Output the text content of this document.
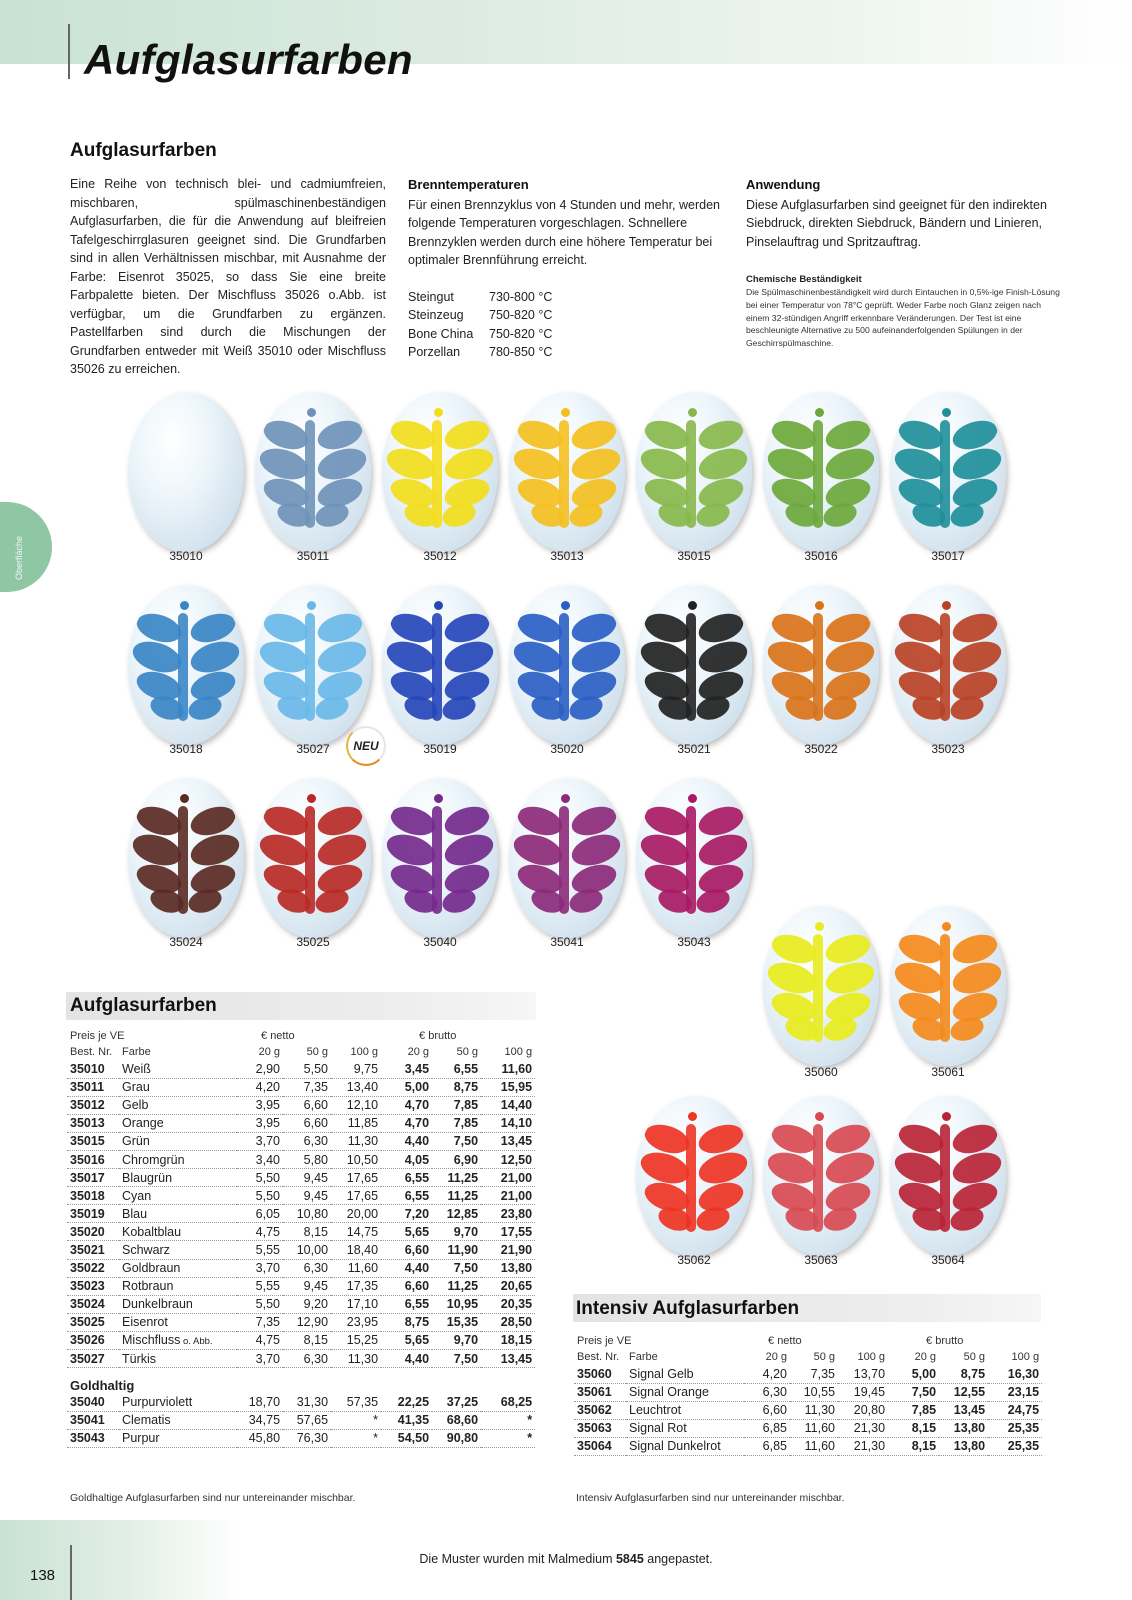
Aufglasurfarben
Oberfläche
Aufglasurfarben

Eine Reihe von technisch blei- und cadmiumfreien, mischbaren, spülmaschinenbeständigen Aufglasurfarben, die für die Anwendung auf bleifreien Tafelgeschirrglasuren geeignet sind. Die Grundfarben sind in allen Verhältnissen mischbar, mit Ausnahme der Farbe: Eisenrot 35025, so dass Sie eine breite Farbpalette bieten. Der Mischfluss 35026 o.Abb. ist verfügbar, um die Grundfarben zu ergänzen. Pastellfarben sind durch die Mischungen der Grundfarben entweder mit Weiß 35010 oder Mischfluss 35026 zu erreichen.

Brenntemperaturen

Für einen Brennzyklus von 4 Stunden und mehr, werden folgende Temperaturen vorgeschlagen. Schnellere Brennzyklen werden durch eine höhere Temperatur bei optimaler Brennführung erreicht.

Steingut	730-800 °C
Steinzeug	750-820 °C
Bone China	750-820 °C
Porzellan	780-850 °C
Anwendung

Diese Aufglasurfarben sind geeignet für den indirekten Siebdruck, direkten Siebdruck, Bändern und Linieren, Pinselauftrag und Spritzauftrag.

Chemische Beständigkeit
Die Spülmaschinenbeständigkeit wird durch Eintauchen in 0,5%-ige Finish-Lösung bei einer Temperatur von 78°C geprüft. Weder Farbe noch Glanz zeigen nach einem 32-stündigen Angriff erkennbare Veränderungen. Der Test ist eine beschleunigte Alternative zu 500 aufeinanderfolgenden Spülungen in der Geschirrspülmaschine.
35010	35011	35012	35013	35015	35016	35017
35018	35027	35019	35020	35021	35022	35023
35024	35025	35040	35041	35043
35060	35061
35062	35063	35064
NEU
Aufglasurfarben
Preis je VE		€ netto			€ brutto		
Best. Nr.	Farbe	20 g	50 g	100 g	20 g	50 g	100 g
35010	Weiß	2,90	5,50	9,75	3,45	6,55	11,60
35011	Grau	4,20	7,35	13,40	5,00	8,75	15,95
35012	Gelb	3,95	6,60	12,10	4,70	7,85	14,40
35013	Orange	3,95	6,60	11,85	4,70	7,85	14,10
35015	Grün	3,70	6,30	11,30	4,40	7,50	13,45
35016	Chromgrün	3,40	5,80	10,50	4,05	6,90	12,50
35017	Blaugrün	5,50	9,45	17,65	6,55	11,25	21,00
35018	Cyan	5,50	9,45	17,65	6,55	11,25	21,00
35019	Blau	6,05	10,80	20,00	7,20	12,85	23,80
35020	Kobaltblau	4,75	8,15	14,75	5,65	9,70	17,55
35021	Schwarz	5,55	10,00	18,40	6,60	11,90	21,90
35022	Goldbraun	3,70	6,30	11,60	4,40	7,50	13,80
35023	Rotbraun	5,55	9,45	17,35	6,60	11,25	20,65
35024	Dunkelbraun	5,50	9,20	17,10	6,55	10,95	20,35
35025	Eisenrot	7,35	12,90	23,95	8,75	15,35	28,50
35026	Mischfluss o. Abb.	4,75	8,15	15,25	5,65	9,70	18,15
35027	Türkis	3,70	6,30	11,30	4,40	7,50	13,45
Goldhaltig							
35040	Purpurviolett	18,70	31,30	57,35	22,25	37,25	68,25
35041	Clematis	34,75	57,65	*	41,35	68,60	*
35043	Purpur	45,80	76,30	*	54,50	90,80	*
Goldhaltige Aufglasurfarben sind nur untereinander mischbar.
Intensiv Aufglasurfarben
Preis je VE		€ netto			€ brutto		
Best. Nr.	Farbe	20 g	50 g	100 g	20 g	50 g	100 g
35060	Signal Gelb	4,20	7,35	13,70	5,00	8,75	16,30
35061	Signal Orange	6,30	10,55	19,45	7,50	12,55	23,15
35062	Leuchtrot	6,60	11,30	20,80	7,85	13,45	24,75
35063	Signal Rot	6,85	11,60	21,30	8,15	13,80	25,35
35064	Signal Dunkelrot	6,85	11,60	21,30	8,15	13,80	25,35
Intensiv Aufglasurfarben sind nur untereinander mischbar.
138
Die Muster wurden mit Malmedium 5845 angepastet.
